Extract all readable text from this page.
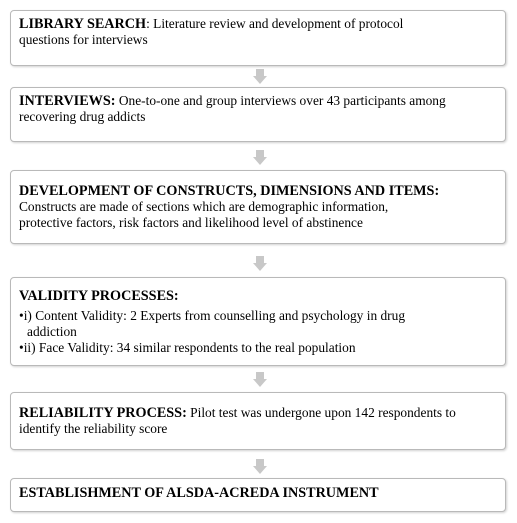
LIBRARY SEARCH: Literature review and development of protocol
questions for interviews
INTERVIEWS: One-to-one and group interviews over 43 participants among
recovering drug addicts
DEVELOPMENT OF CONSTRUCTS, DIMENSIONS AND ITEMS:
Constructs are made of sections which are demographic information,
protective factors, risk factors and likelihood level of abstinence
VALIDITY PROCESSES:
•i) Content Validity: 2 Experts from counselling and psychology in drug
addiction
•ii) Face Validity: 34 similar respondents to the real population
RELIABILITY PROCESS: Pilot test was undergone upon 142 respondents to
identify the reliability score
ESTABLISHMENT OF ALSDA-ACREDA INSTRUMENT
